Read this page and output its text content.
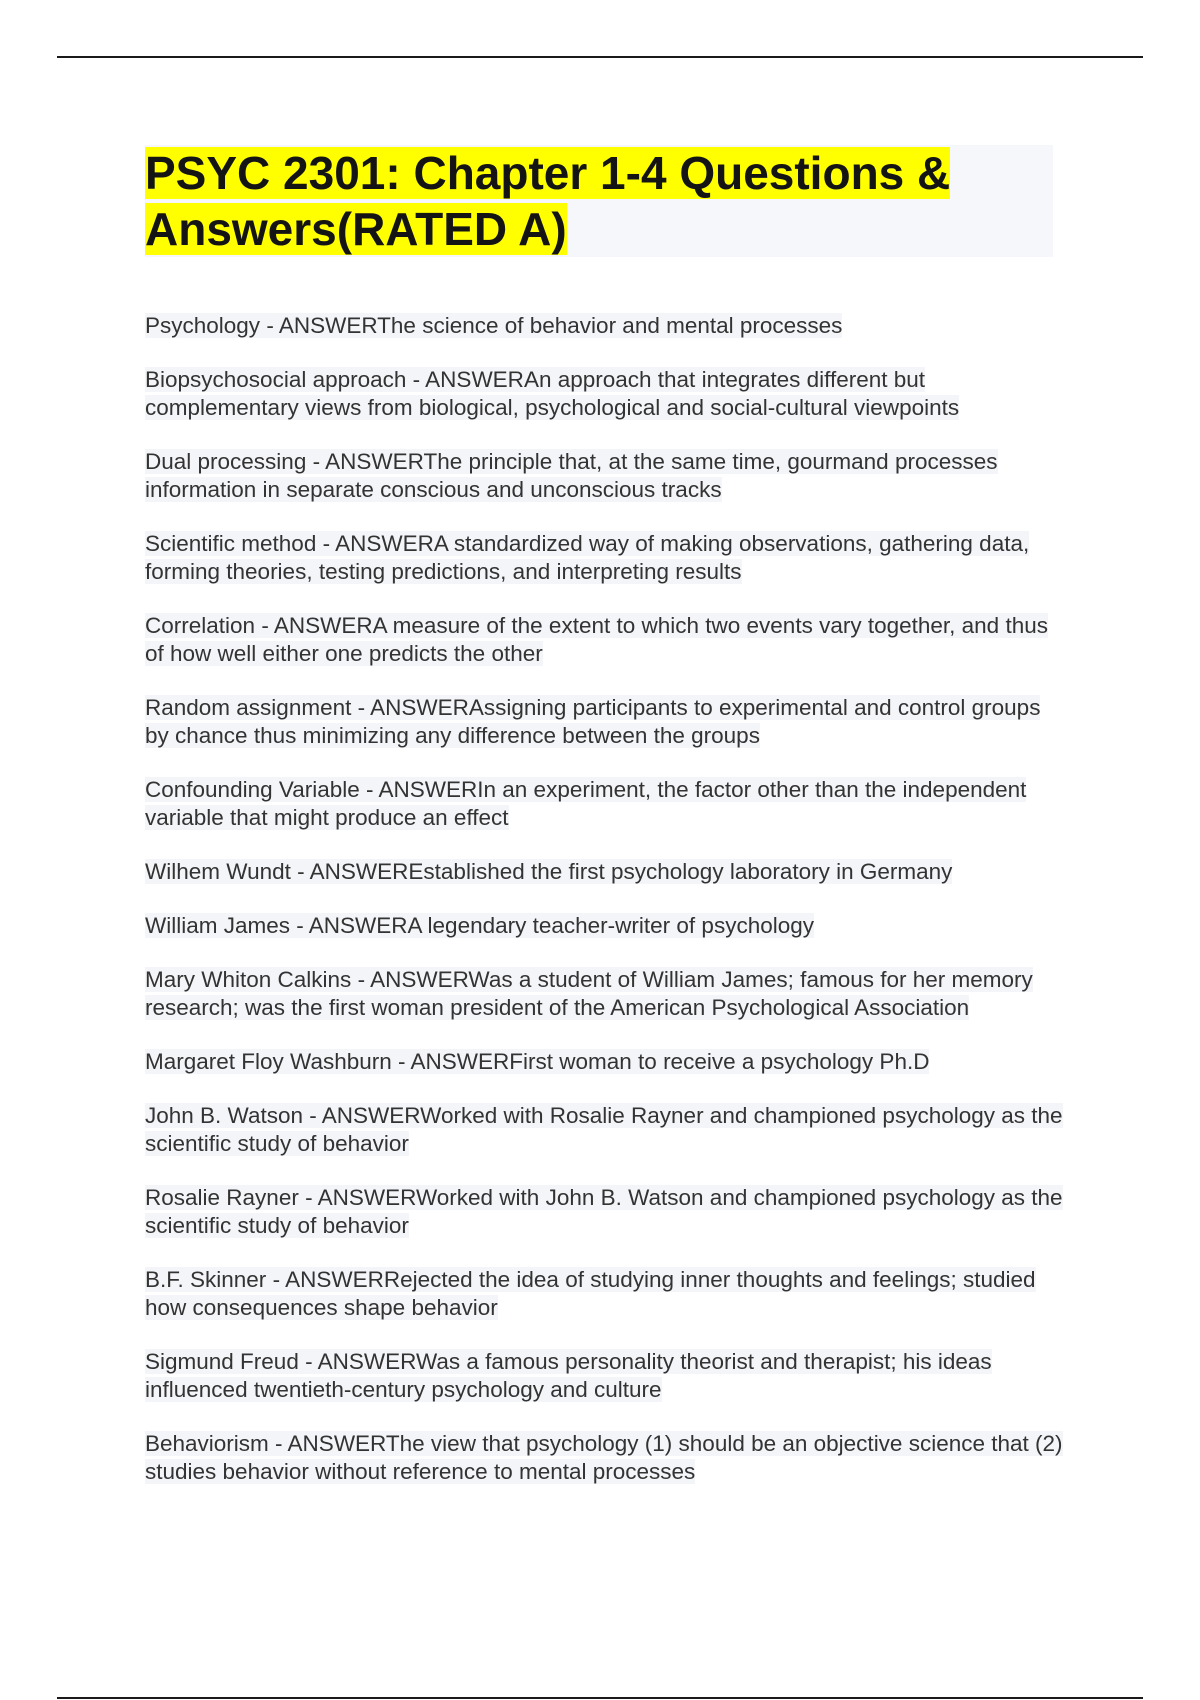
PSYC 2301: Chapter 1-4 Questions & Answers(RATED A)
Psychology - ANSWERThe science of behavior and mental processes
Biopsychosocial approach - ANSWERAn approach that integrates different but complementary views from biological, psychological and social-cultural viewpoints
Dual processing - ANSWERThe principle that, at the same time, gourmand processes information in separate conscious and unconscious tracks
Scientific method - ANSWERA standardized way of making observations, gathering data, forming theories, testing predictions, and interpreting results
Correlation - ANSWERA measure of the extent to which two events vary together, and thus of how well either one predicts the other
Random assignment - ANSWERAssigning participants to experimental and control groups by chance thus minimizing any difference between the groups
Confounding Variable - ANSWERIn an experiment, the factor other than the independent variable that might produce an effect
Wilhem Wundt - ANSWEREstablished the first psychology laboratory in Germany
William James - ANSWERA legendary teacher-writer of psychology
Mary Whiton Calkins - ANSWERWas a student of William James; famous for her memory research; was the first woman president of the American Psychological Association
Margaret Floy Washburn - ANSWERFirst woman to receive a psychology Ph.D
John B. Watson - ANSWERWorked with Rosalie Rayner and championed psychology as the scientific study of behavior
Rosalie Rayner - ANSWERWorked with John B. Watson and championed psychology as the scientific study of behavior
B.F. Skinner - ANSWERRejected the idea of studying inner thoughts and feelings; studied how consequences shape behavior
Sigmund Freud - ANSWERWas a famous personality theorist and therapist; his ideas influenced twentieth-century psychology and culture
Behaviorism - ANSWERThe view that psychology (1) should be an objective science that (2) studies behavior without reference to mental processes
